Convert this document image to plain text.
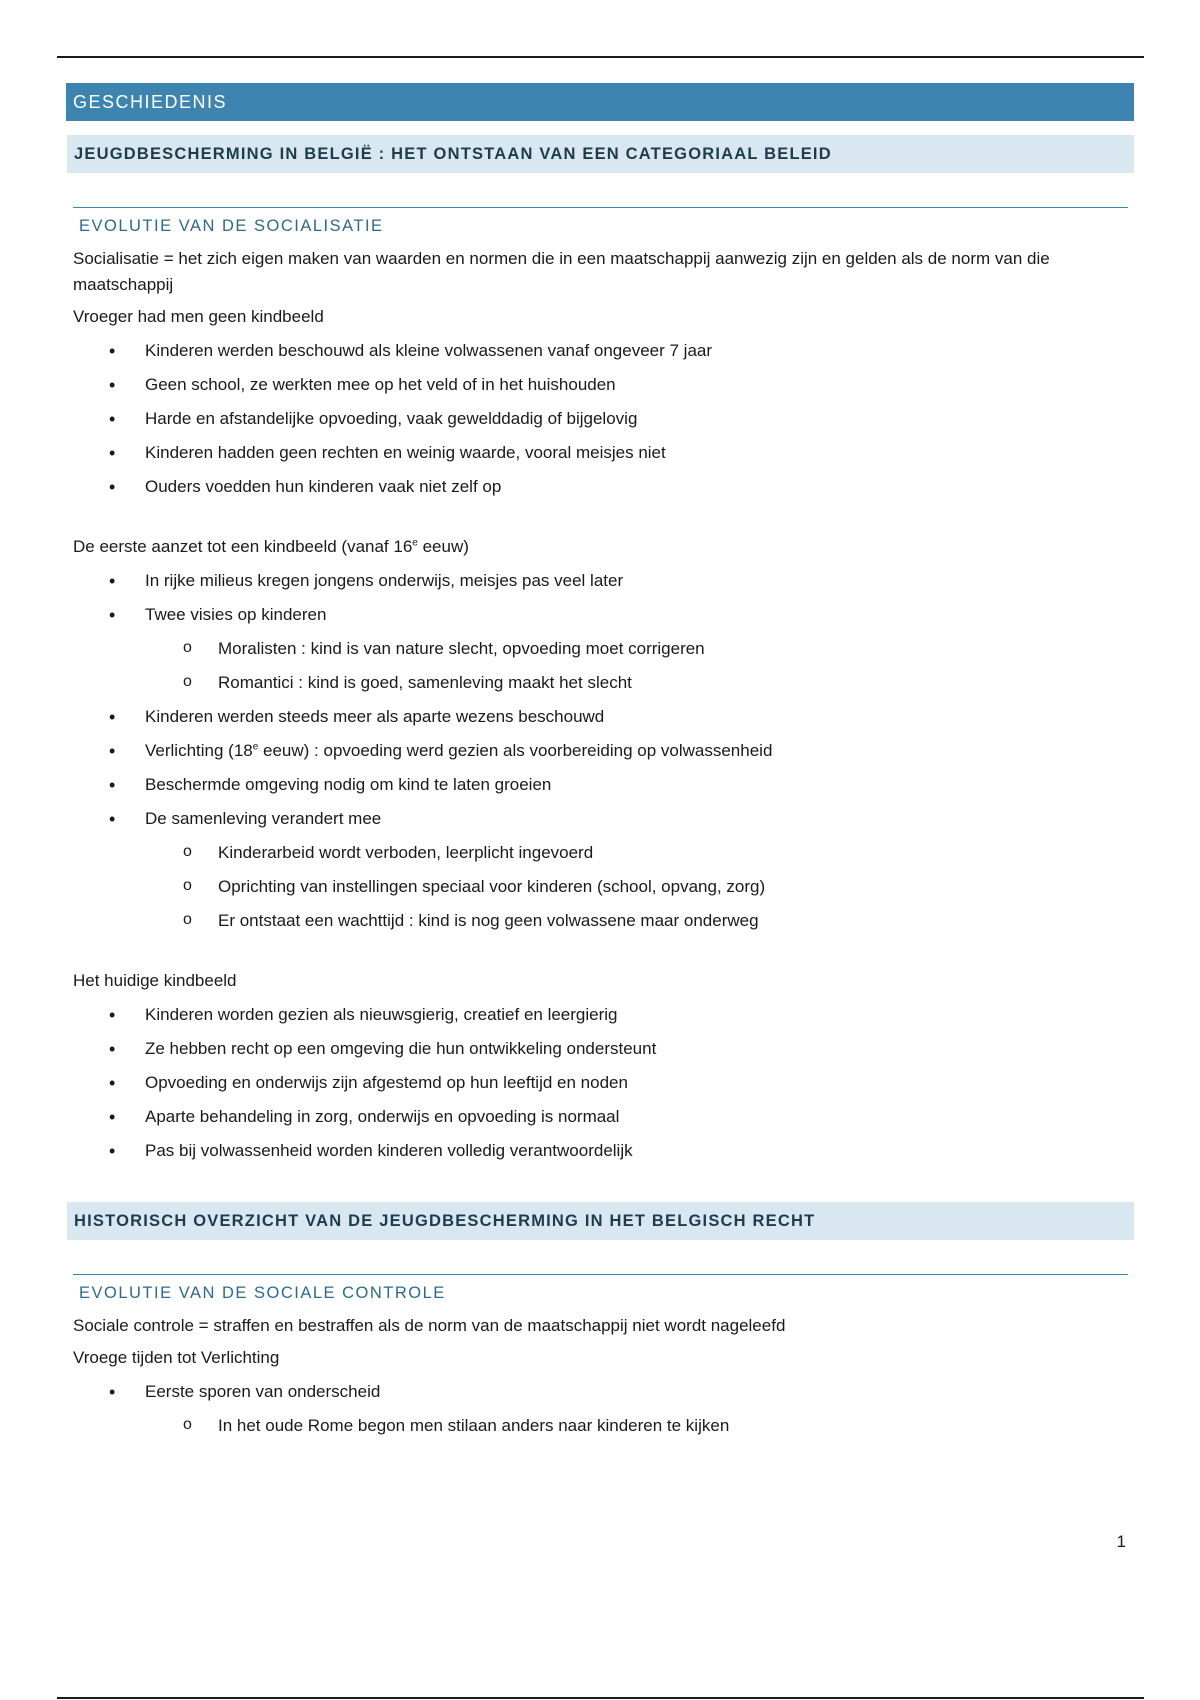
GESCHIEDENIS
JEUGDBESCHERMING IN BELGIË : HET ONTSTAAN VAN EEN CATEGORIAAL BELEID
EVOLUTIE VAN DE SOCIALISATIE

Socialisatie = het zich eigen maken van waarden en normen die in een maatschappij aanwezig zijn en gelden als de norm van die maatschappij

Vroeger had men geen kindbeeld

• Kinderen werden beschouwd als kleine volwassenen vanaf ongeveer 7 jaar
• Geen school, ze werkten mee op het veld of in het huishouden
• Harde en afstandelijke opvoeding, vaak gewelddadig of bijgelovig
• Kinderen hadden geen rechten en weinig waarde, vooral meisjes niet
• Ouders voedden hun kinderen vaak niet zelf op

De eerste aanzet tot een kindbeeld (vanaf 16e eeuw)

• In rijke milieus kregen jongens onderwijs, meisjes pas veel later
• Twee visies op kinderen
o Moralisten : kind is van nature slecht, opvoeding moet corrigeren
o Romantici : kind is goed, samenleving maakt het slecht
• Kinderen werden steeds meer als aparte wezens beschouwd
• Verlichting (18e eeuw) : opvoeding werd gezien als voorbereiding op volwassenheid
• Beschermde omgeving nodig om kind te laten groeien
• De samenleving verandert mee
o Kinderarbeid wordt verboden, leerplicht ingevoerd
o Oprichting van instellingen speciaal voor kinderen (school, opvang, zorg)
o Er ontstaat een wachttijd : kind is nog geen volwassene maar onderweg

Het huidige kindbeeld

• Kinderen worden gezien als nieuwsgierig, creatief en leergierig
• Ze hebben recht op een omgeving die hun ontwikkeling ondersteunt
• Opvoeding en onderwijs zijn afgestemd op hun leeftijd en noden
• Aparte behandeling in zorg, onderwijs en opvoeding is normaal
• Pas bij volwassenheid worden kinderen volledig verantwoordelijk
HISTORISCH OVERZICHT VAN DE JEUGDBESCHERMING IN HET BELGISCH RECHT
EVOLUTIE VAN DE SOCIALE CONTROLE

Sociale controle = straffen en bestraffen als de norm van de maatschappij niet wordt nageleefd

Vroege tijden tot Verlichting

• Eerste sporen van onderscheid
o In het oude Rome begon men stilaan anders naar kinderen te kijken
1
